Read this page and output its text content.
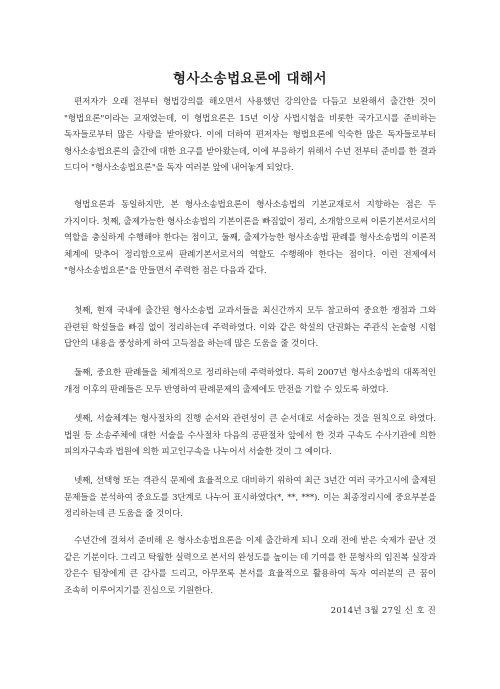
형사소송법요론에 대해서

편저자가 오래 전부터 형법강의를 해오면서 사용했던 강의안을 다듬고 보완해서 출간한 것이 "형법요론"이라는 교재였는데, 이 형법요론은 15년 이상 사법시험을 비롯한 국가고시를 준비하는 독자들로부터 많은 사랑을 받아왔다. 이에 더하여 편저자는 형법요론에 익숙한 많은 독자들로부터 형사소송법요론의 출간에 대한 요구를 받아왔는데, 이에 부응하기 위해서 수년 전부터 준비를 한 결과 드디어 "형사소송법요론"을 독자 여러분 앞에 내어놓게 되었다.

형법요론과 동일하지만, 본 형사소송법요론이 형사소송법의 기본교재로서 지향하는 점은 두 가지이다. 첫째, 출제가능한 형사소송법의 기본이론을 빠짐없이 정리, 소개함으로써 이론기본서로서의 역할을 충실하게 수행해야 한다는 점이고, 둘째, 출제가능한 형사소송법 판례를 형사소송법의 이론적 체계에 맞추어 정리함으로써 판례기본서로서의 역할도 수행해야 한다는 점이다. 이런 전제에서 "형사소송법요론"을 만들면서 주력한 점은 다음과 같다.

첫째, 현재 국내에 출간된 형사소송법 교과서들을 최신간까지 모두 참고하여 중요한 쟁점과 그와 관련된 학설들을 빠짐 없이 정리하는데 주력하였다. 이와 같은 학설의 단권화는 주관식 논술형 시험 답안의 내용을 풍성하게 하여 고득점을 하는데 많은 도움을 줄 것이다.

둘째, 중요한 판례들을 체계적으로 정리하는데 주력하였다. 특히 2007년 형사소송법의 대폭적인 개정 이후의 판례들은 모두 반영하여 판례문제의 출제에도 만전을 기할 수 있도록 하였다.

셋째, 서술체계는 형사절차의 진행 순서와 관련성이 큰 순서대로 서술하는 것을 원칙으로 하였다. 법원 등 소송주체에 대한 서술을 수사절차 다음의 공판절차 앞에서 한 것과 구속도 수사기관에 의한 피의자구속과 법원에 의한 피고인구속을 나누어서 서술한 것이 그 예이다.

넷째, 선택형 또는 객관식 문제에 효율적으로 대비하기 위하여 최근 3년간 여러 국가고시에 출제된 문제들을 분석하여 중요도를 3단계로 나누어 표시하였다(*, **, ***). 이는 최종정리시에 중요부분을 정리하는데 큰 도움을 줄 것이다.

수년간에 걸쳐서 준비해 온 형사소송법요론을 이제 출간하게 되니 오래 전에 받은 숙제가 끝난 것 같은 기분이다. 그리고 탁월한 실력으로 본서의 완성도를 높이는 데 기여를 한 문형사의 임진복 실장과 강은수 팀장에게 큰 감사를 드리고, 아무쪼록 본서를 효율적으로 활용하여 독자 여러분의 큰 꿈이 조속히 이루어지기를 진심으로 기원한다.

2014년 3월 27일 신 호 진
